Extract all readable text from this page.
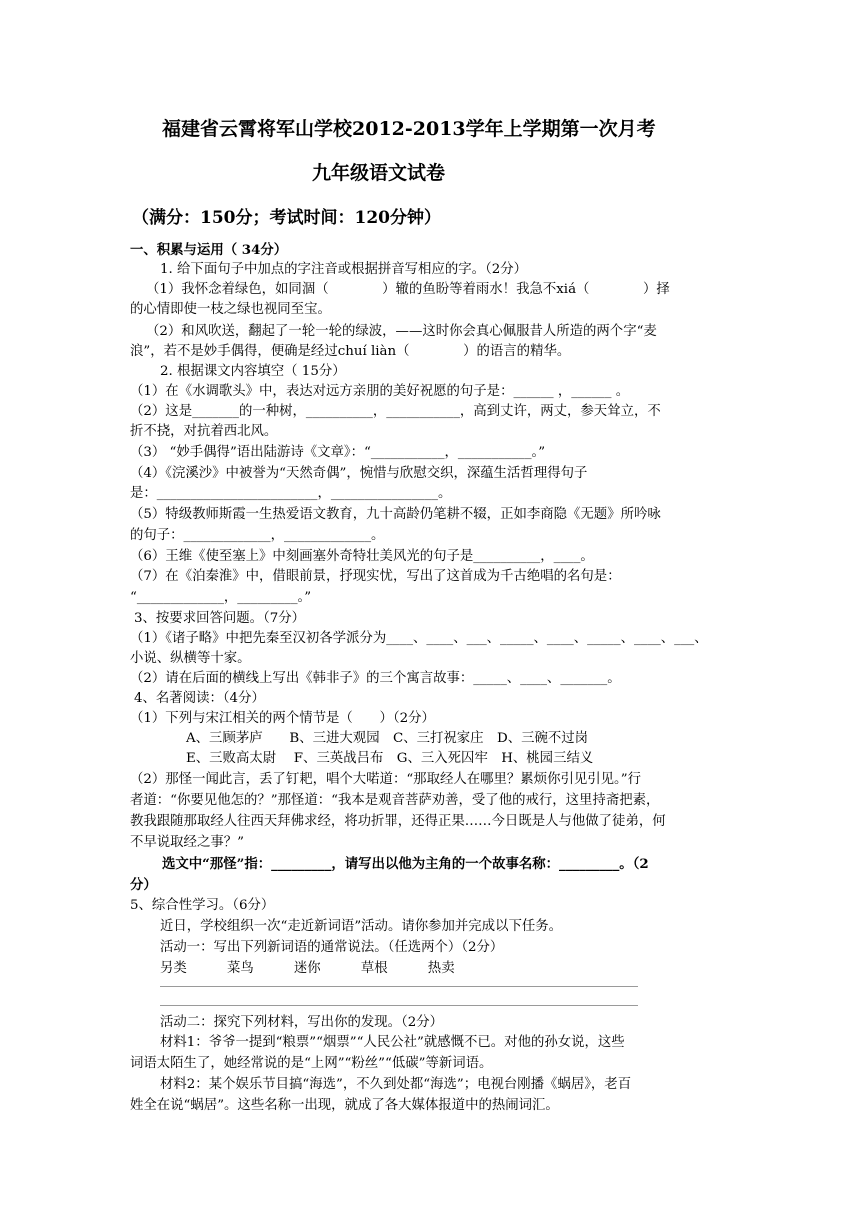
福建省云霄将军山学校2012-2013学年上学期第一次月考
九年级语文试卷
（满分：150分；考试时间：120分钟）
一、积累与运用（ 34分）
1. 给下面句子中加点的字注音或根据拼音写相应的字。（2分）
（1）我怀念着绿色，如同涸（　　　　）辙的鱼盼等着雨水！我急不xiá（　　　　）择
的心情即使一枝之绿也视同至宝。
（2）和风吹送，翻起了一轮一轮的绿波，——这时你会真心佩服昔人所造的两个字“麦
浪”，若不是妙手偶得，便确是经过chuí liàn（　　　　）的语言的精华。
2. 根据课文内容填空（ 15分）
（1）在《水调歌头》中，表达对远方亲朋的美好祝愿的句子是：______ ，______ 。
（2）这是_______的一种树，__________，___________，高到丈许，两丈，参天耸立，不
折不挠，对抗着西北风。
（3） “妙手偶得”语出陆游诗《文章》：“___________，___________。”
（4）《浣溪沙》中被誉为“天然奇偶”，惋惜与欣慰交织，深蕴生活哲理得句子
是：________________________，________________。
（5）特级教师斯霞一生热爱语文教育，九十高龄仍笔耕不辍，正如李商隐《无题》所吟咏
的句子：_____________，_____________。
（6）王维《使至塞上》中刻画塞外奇特壮美风光的句子是__________，____。
（7）在《泊秦淮》中，借眼前景，抒现实忧，写出了这首成为千古绝唱的名句是：
“_____________，_________。”
3、按要求回答问题。（7分）
（1）《诸子略》中把先秦至汉初各学派分为____、____、___、_____、____、_____、____、___、
小说、纵横等十家。
（2）请在后面的横线上写出《韩非子》的三个寓言故事：_____、____、_______。
4、名著阅读：（4分）
（1）下列与宋江相关的两个情节是（　　）（2分）
A、三顾茅庐　　B、三进大观园　C、三打祝家庄　D、三碗不过岗
E、三败高太尉　 F、三英战吕布　G、三入死囚牢　H、桃园三结义
（2）那怪一闻此言，丢了钉耙，唱个大喏道：“那取经人在哪里？累烦你引见引见。”行
者道：“你要见他怎的？”那怪道：“我本是观音菩萨劝善，受了他的戒行，这里持斋把素，
教我跟随那取经人往西天拜佛求经，将功折罪，还得正果……今日既是人与他做了徒弟，何
不早说取经之事？”
选文中“那怪”指：_________，请写出以他为主角的一个故事名称：_________。（2
分）
5、综合性学习。（6分）
近日，学校组织一次“走近新词语”活动。请你参加并完成以下任务。
活动一：写出下列新词语的通常说法。（任选两个）（2分）
另类　　　菜鸟　　　迷你　　　草根　　　热卖
活动二：探究下列材料，写出你的发现。（2分）
材料1：爷爷一提到“粮票”“烟票”“人民公社”就感慨不已。对他的孙女说，这些
词语太陌生了，她经常说的是“上网”“粉丝”“低碳”等新词语。
材料2：某个娱乐节目搞“海选”，不久到处都“海选”；电视台刚播《蜗居》，老百
姓全在说“蜗居”。这些名称一出现，就成了各大媒体报道中的热闹词汇。
